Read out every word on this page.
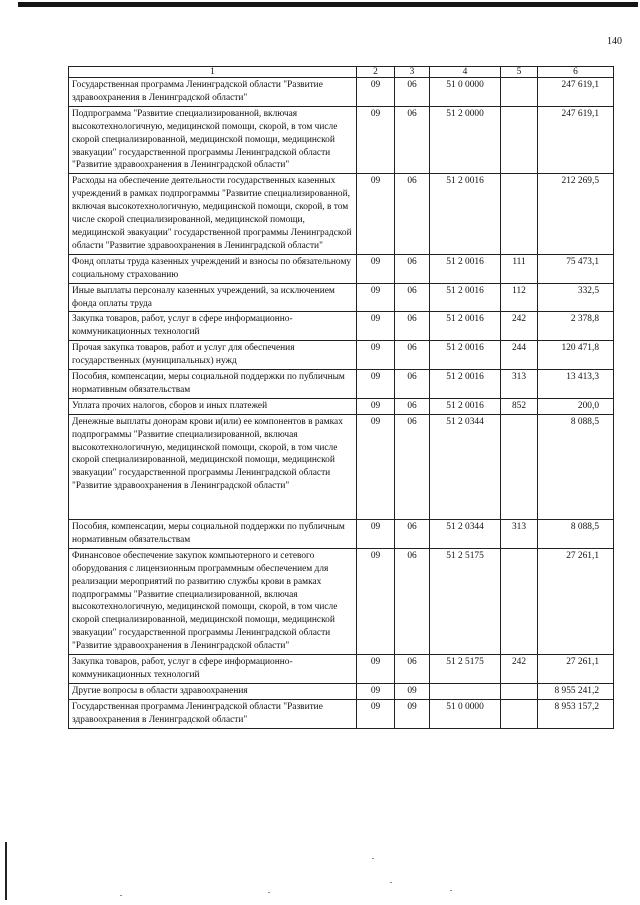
140
1	2	3	4	5	6
Государственная программа Ленинградской области "Развитие здравоохранения в Ленинградской области"	09	06	51 0 0000		247 619,1
Подпрограмма "Развитие специализированной, включая высокотехнологичную, медицинской помощи, скорой, в том числе скорой специализированной, медицинской помощи, медицинской эвакуации" государственной программы Ленинградской области "Развитие здравоохранения в Ленинградской области"	09	06	51 2 0000		247 619,1
Расходы на обеспечение деятельности государственных казенных учреждений в рамках подпрограммы "Развитие специализированной, включая высокотехнологичную, медицинской помощи, скорой, в том числе скорой специализированной, медицинской помощи, медицинской эвакуации" государственной программы Ленинградской области "Развитие здравоохранения в Ленинградской области"	09	06	51 2 0016		212 269,5
Фонд оплаты труда казенных учреждений и взносы по обязательному социальному страхованию	09	06	51 2 0016	111	75 473,1
Иные выплаты персоналу казенных учреждений, за исключением фонда оплаты труда	09	06	51 2 0016	112	332,5
Закупка товаров, работ, услуг в сфере информационно-коммуникационных технологий	09	06	51 2 0016	242	2 378,8
Прочая закупка товаров, работ и услуг для обеспечения государственных (муниципальных) нужд	09	06	51 2 0016	244	120 471,8
Пособия, компенсации, меры социальной поддержки по публичным нормативным обязательствам	09	06	51 2 0016	313	13 413,3
Уплата прочих налогов, сборов и иных платежей	09	06	51 2 0016	852	200,0
Денежные выплаты донорам крови и(или) ее компонентов в рамках подпрограммы "Развитие специализированной, включая высокотехнологичную, медицинской помощи, скорой, в том числе скорой специализированной, медицинской помощи, медицинской эвакуации" государственной программы Ленинградской области "Развитие здравоохранения в Ленинградской области"	09	06	51 2 0344		8 088,5
Пособия, компенсации, меры социальной поддержки по публичным нормативным обязательствам	09	06	51 2 0344	313	8 088,5
Финансовое обеспечение закупок компьютерного и сетевого оборудования с лицензионным программным обеспечением для реализации мероприятий по развитию службы крови в рамках подпрограммы "Развитие специализированной, включая высокотехнологичную, медицинской помощи, скорой, в том числе скорой специализированной, медицинской помощи, медицинской эвакуации" государственной программы Ленинградской области "Развитие здравоохранения в Ленинградской области"	09	06	51 2 5175		27 261,1
Закупка товаров, работ, услуг в сфере информационно-коммуникационных технологий	09	06	51 2 5175	242	27 261,1
Другие вопросы в области здравоохранения	09	09			8 955 241,2
Государственная программа Ленинградской области "Развитие здравоохранения в Ленинградской области"	09	09	51 0 0000		8 953 157,2
